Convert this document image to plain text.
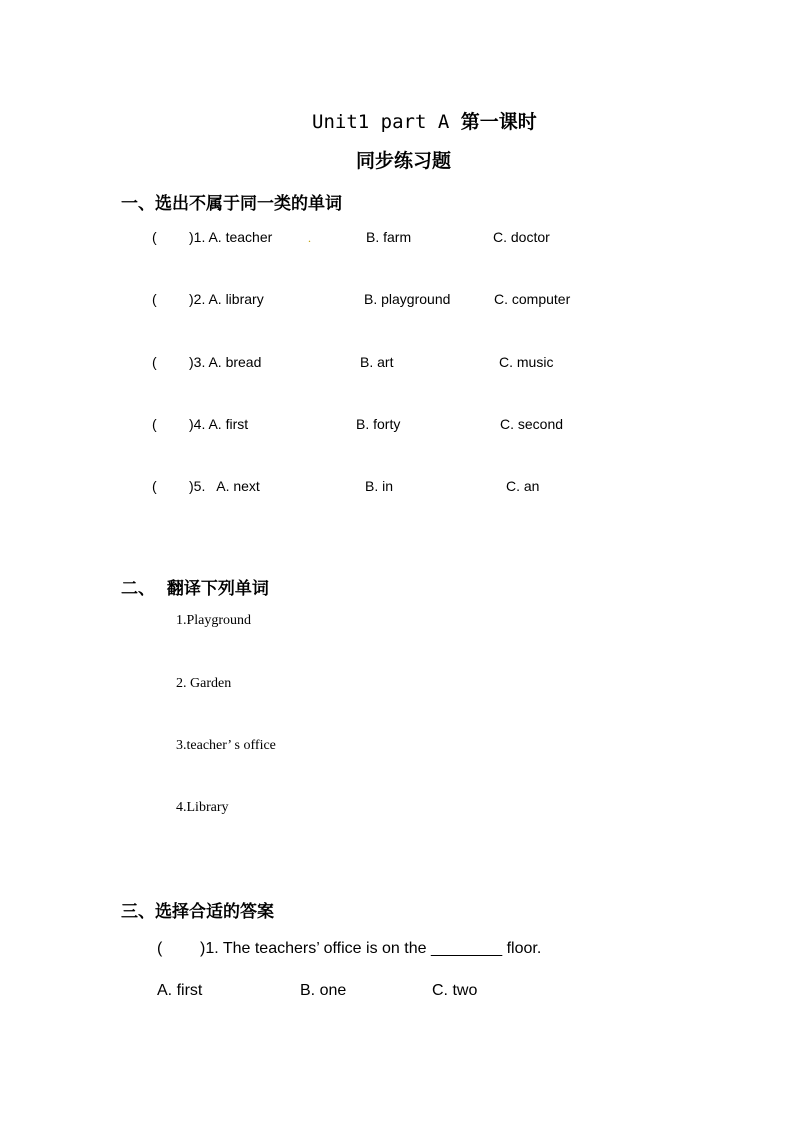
Unit1 part A 第一课时
同步练习题
一、选出不属于同一类的单词
( )1. A. teacher	.	B. farm	C. doctor
( )2. A. library	B. playground	C. computer
( )3. A. bread	B. art	C. music
( )4. A. first	B. forty	C. second
( )5.   A. next	B. in	C. an
二、  翻译下列单词
1.Playground
2. Garden
3.teacher’ s office
4.Library
三、选择合适的答案
( )1. The teachers’ office is on the ________ floor.
A. first	B. one	C. two
